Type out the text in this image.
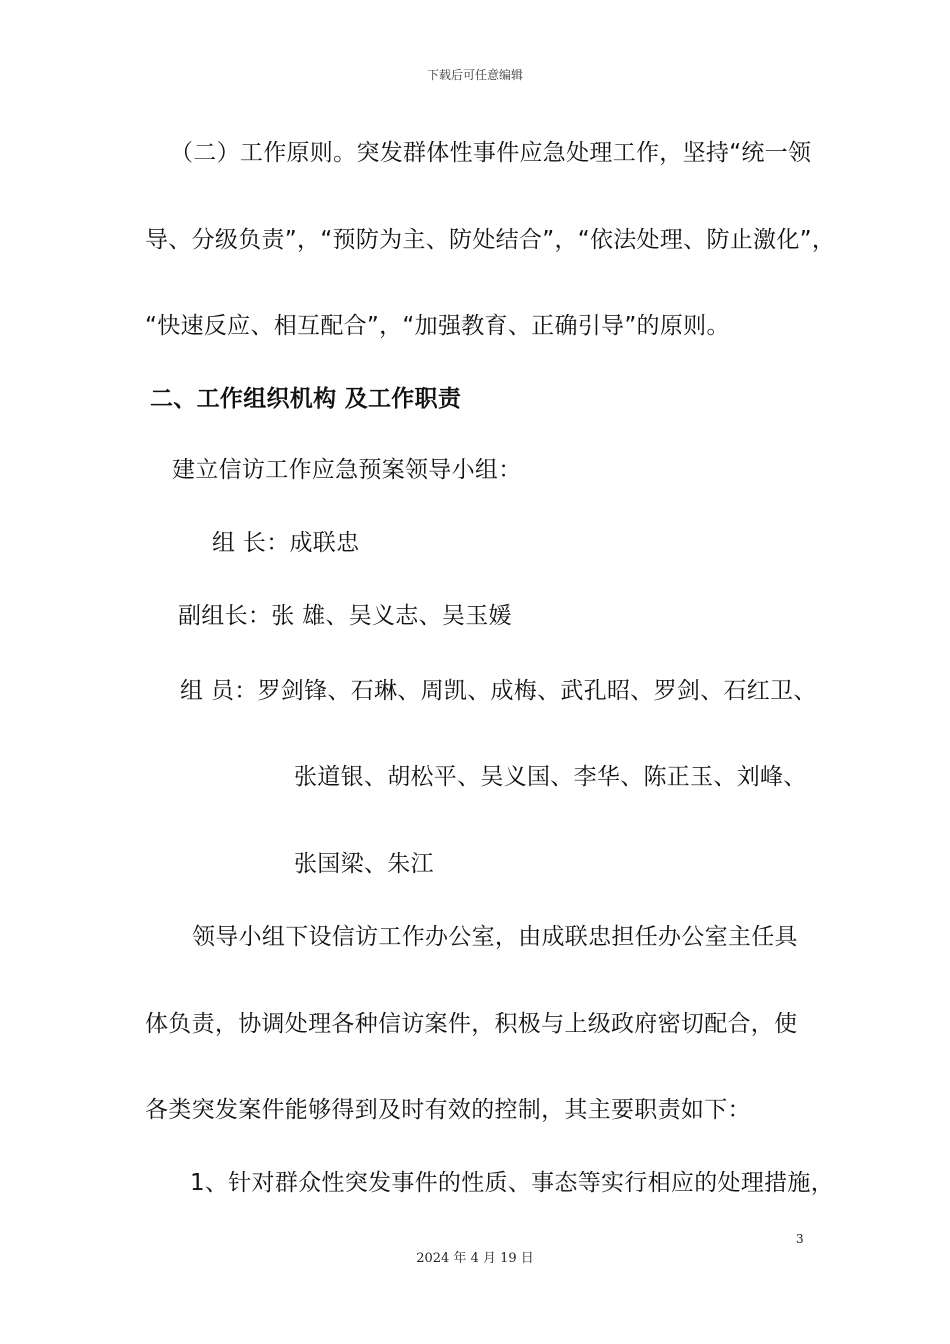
下载后可任意编辑
（二）工作原则。突发群体性事件应急处理工作，坚持“统一领
导、分级负责”，“预防为主、防处结合”，“依法处理、防止激化”，
“快速反应、相互配合”，“加强教育、正确引导”的原则。
二、工作组织机构 及工作职责
建立信访工作应急预案领导小组：
组 长：成联忠
副组长：张 雄、吴义志、吴玉媛
组 员：罗剑锋、石琳、周凯、成梅、武孔昭、罗剑、石红卫、
张道银、胡松平、吴义国、李华、陈正玉、刘峰、
张国梁、朱江
领导小组下设信访工作办公室，由成联忠担任办公室主任具
体负责，协调处理各种信访案件，积极与上级政府密切配合，使
各类突发案件能够得到及时有效的控制，其主要职责如下：
1、针对群众性突发事件的性质、事态等实行相应的处理措施，
3
2024 年 4 月 19 日
